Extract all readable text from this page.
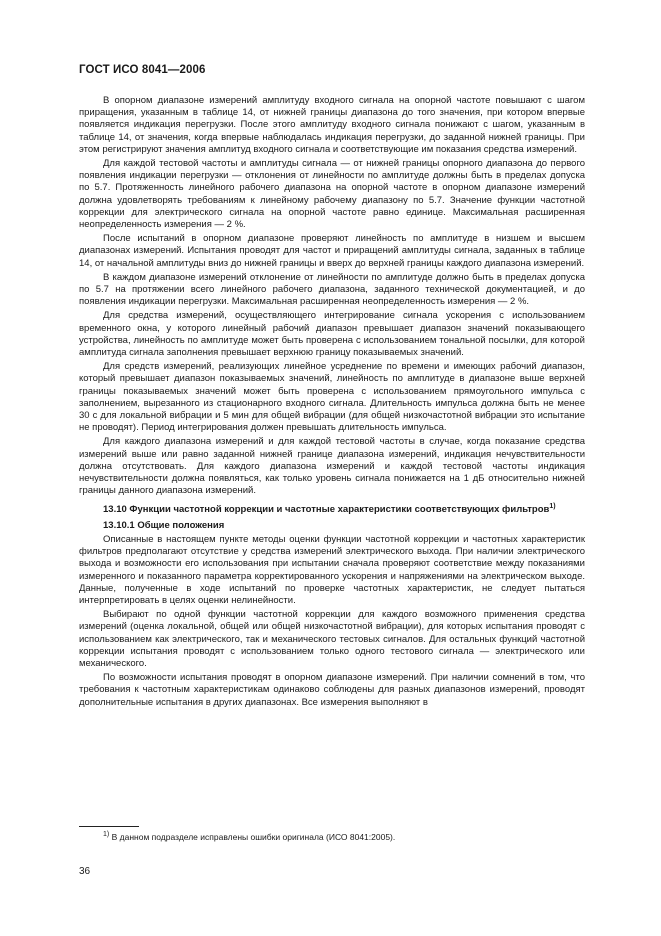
ГОСТ ИСО 8041—2006

В опорном диапазоне измерений амплитуду входного сигнала на опорной частоте повышают с шагом приращения, указанным в таблице 14, от нижней границы диапазона до того значения, при котором впервые появляется индикация перегрузки. После этого амплитуду входного сигнала понижают с шагом, указанным в таблице 14, от значения, когда впервые наблюдалась индикация перегрузки, до заданной нижней границы. При этом регистрируют значения амплитуд входного сигнала и соответствующие им показания средства измерений.

Для каждой тестовой частоты и амплитуды сигнала — от нижней границы опорного диапазона до первого появления индикации перегрузки — отклонения от линейности по амплитуде должны быть в пределах допуска по 5.7. Протяженность линейного рабочего диапазона на опорной частоте в опорном диапазоне измерений должна удовлетворять требованиям к линейному рабочему диапазону по 5.7. Значение функции частотной коррекции для электрического сигнала на опорной частоте равно единице. Максимальная расширенная неопределенность измерения — 2 %.

После испытаний в опорном диапазоне проверяют линейность по амплитуде в низшем и высшем диапазонах измерений. Испытания проводят для частот и приращений амплитуды сигнала, заданных в таблице 14, от начальной амплитуды вниз до нижней границы и вверх до верхней границы каждого диапазона измерений.

В каждом диапазоне измерений отклонение от линейности по амплитуде должно быть в пределах допуска по 5.7 на протяжении всего линейного рабочего диапазона, заданного технической документацией, и до появления индикации перегрузки. Максимальная расширенная неопределенность измерения — 2 %.

Для средства измерений, осуществляющего интегрирование сигнала ускорения с использованием временного окна, у которого линейный рабочий диапазон превышает диапазон значений показывающего устройства, линейность по амплитуде может быть проверена с использованием тональной посылки, для которой амплитуда сигнала заполнения превышает верхнюю границу показываемых значений.

Для средств измерений, реализующих линейное усреднение по времени и имеющих рабочий диапазон, который превышает диапазон показываемых значений, линейность по амплитуде в диапазоне выше верхней границы показываемых значений может быть проверена с использованием прямоугольного импульса с заполнением, вырезанного из стационарного входного сигнала. Длительность импульса должна быть не менее 30 с для локальной вибрации и 5 мин для общей вибрации (для общей низкочастотной вибрации это испытание не проводят). Период интегрирования должен превышать длительность импульса.

Для каждого диапазона измерений и для каждой тестовой частоты в случае, когда показание средства измерений выше или равно заданной нижней границе диапазона измерений, индикация нечувствительности должна отсутствовать. Для каждого диапазона измерений и каждой тестовой частоты индикация нечувствительности должна появляться, как только уровень сигнала понижается на 1 дБ относительно нижней границы данного диапазона измерений.

13.10 Функции частотной коррекции и частотные характеристики соответствующих фильтров$^{1)}$

13.10.1 Общие положения

Описанные в настоящем пункте методы оценки функции частотной коррекции и частотных характеристик фильтров предполагают отсутствие у средства измерений электрического выхода. При наличии электрического выхода и возможности его использования при испытании сначала проверяют соответствие между показаниями измеренного и показанного параметра корректированного ускорения и напряжениями на электрическом выходе. Данные, полученные в ходе испытаний по проверке частотных характеристик, не следует пытаться интерпретировать в целях оценки нелинейности.

Выбирают по одной функции частотной коррекции для каждого возможного применения средства измерений (оценка локальной, общей или общей низкочастотной вибрации), для которых испытания проводят с использованием как электрического, так и механического тестовых сигналов. Для остальных функций частотной коррекции испытания проводят с использованием только одного тестового сигнала — электрического или механического.

По возможности испытания проводят в опорном диапазоне измерений. При наличии сомнений в том, что требования к частотным характеристикам одинаково соблюдены для разных диапазонов измерений, проводят дополнительные испытания в других диапазонах. Все измерения выполняют в

$^{1)}$ В данном подразделе исправлены ошибки оригинала (ИСО 8041:2005).
36
